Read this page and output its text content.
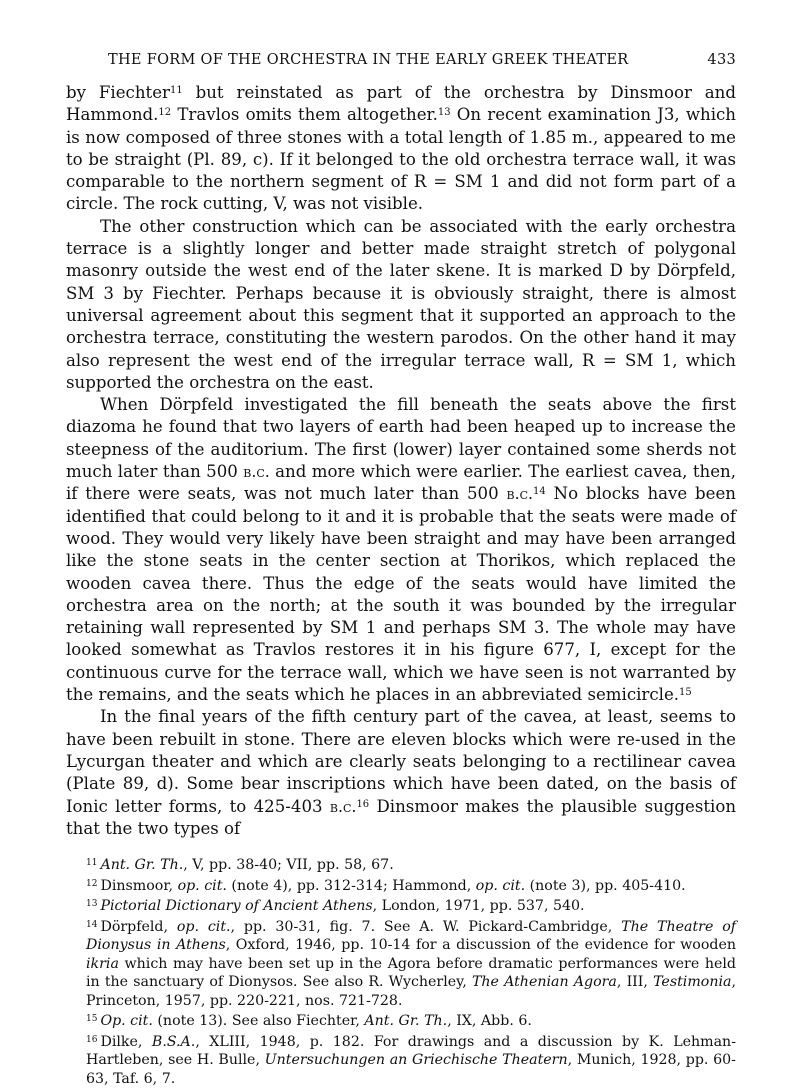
THE FORM OF THE ORCHESTRA IN THE EARLY GREEK THEATER	433

by Fiechter$^{11}$ but reinstated as part of the orchestra by Dinsmoor and Hammond.$^{12}$ Travlos omits them altogether.$^{13}$ On recent examination J3, which is now composed of three stones with a total length of 1.85 m., appeared to me to be straight (Pl. 89, c). If it belonged to the old orchestra terrace wall, it was comparable to the northern segment of R = SM 1 and did not form part of a circle. The rock cutting, V, was not visible.

The other construction which can be associated with the early orchestra terrace is a slightly longer and better made straight stretch of polygonal masonry outside the west end of the later skene. It is marked D by Dörpfeld, SM 3 by Fiechter. Perhaps because it is obviously straight, there is almost universal agreement about this segment that it supported an approach to the orchestra terrace, constituting the western parodos. On the other hand it may also represent the west end of the irregular terrace wall, R = SM 1, which supported the orchestra on the east.

When Dörpfeld investigated the fill beneath the seats above the first diazoma he found that two layers of earth had been heaped up to increase the steepness of the auditorium. The first (lower) layer contained some sherds not much later than 500 b.c. and more which were earlier. The earliest cavea, then, if there were seats, was not much later than 500 b.c.$^{14}$ No blocks have been identified that could belong to it and it is probable that the seats were made of wood. They would very likely have been straight and may have been arranged like the stone seats in the center section at Thorikos, which replaced the wooden cavea there. Thus the edge of the seats would have limited the orchestra area on the north; at the south it was bounded by the irregular retaining wall represented by SM 1 and perhaps SM 3. The whole may have looked somewhat as Travlos restores it in his figure 677, I, except for the continuous curve for the terrace wall, which we have seen is not warranted by the remains, and the seats which he places in an abbreviated semicircle.$^{15}$

In the final years of the fifth century part of the cavea, at least, seems to have been rebuilt in stone. There are eleven blocks which were re-used in the Lycurgan theater and which are clearly seats belonging to a rectilinear cavea (Plate 89, d). Some bear inscriptions which have been dated, on the basis of Ionic letter forms, to 425-403 b.c.$^{16}$ Dinsmoor makes the plausible suggestion that the two types of

$^{11}$ Ant. Gr. Th., V, pp. 38-40; VII, pp. 58, 67.

$^{12}$ Dinsmoor, op. cit. (note 4), pp. 312-314; Hammond, op. cit. (note 3), pp. 405-410.

$^{13}$ Pictorial Dictionary of Ancient Athens, London, 1971, pp. 537, 540.

$^{14}$ Dörpfeld, op. cit., pp. 30-31, fig. 7. See A. W. Pickard-Cambridge, The Theatre of Dionysus in Athens, Oxford, 1946, pp. 10-14 for a discussion of the evidence for wooden ikria which may have been set up in the Agora before dramatic performances were held in the sanctuary of Dionysos. See also R. Wycherley, The Athenian Agora, III, Testimonia, Princeton, 1957, pp. 220-221, nos. 721-728.

$^{15}$ Op. cit. (note 13). See also Fiechter, Ant. Gr. Th., IX, Abb. 6.

$^{16}$ Dilke, B.S.A., XLIII, 1948, p. 182. For drawings and a discussion by K. Lehman-Hartleben, see H. Bulle, Untersuchungen an Griechische Theatern, Munich, 1928, pp. 60-63, Taf. 6, 7.
